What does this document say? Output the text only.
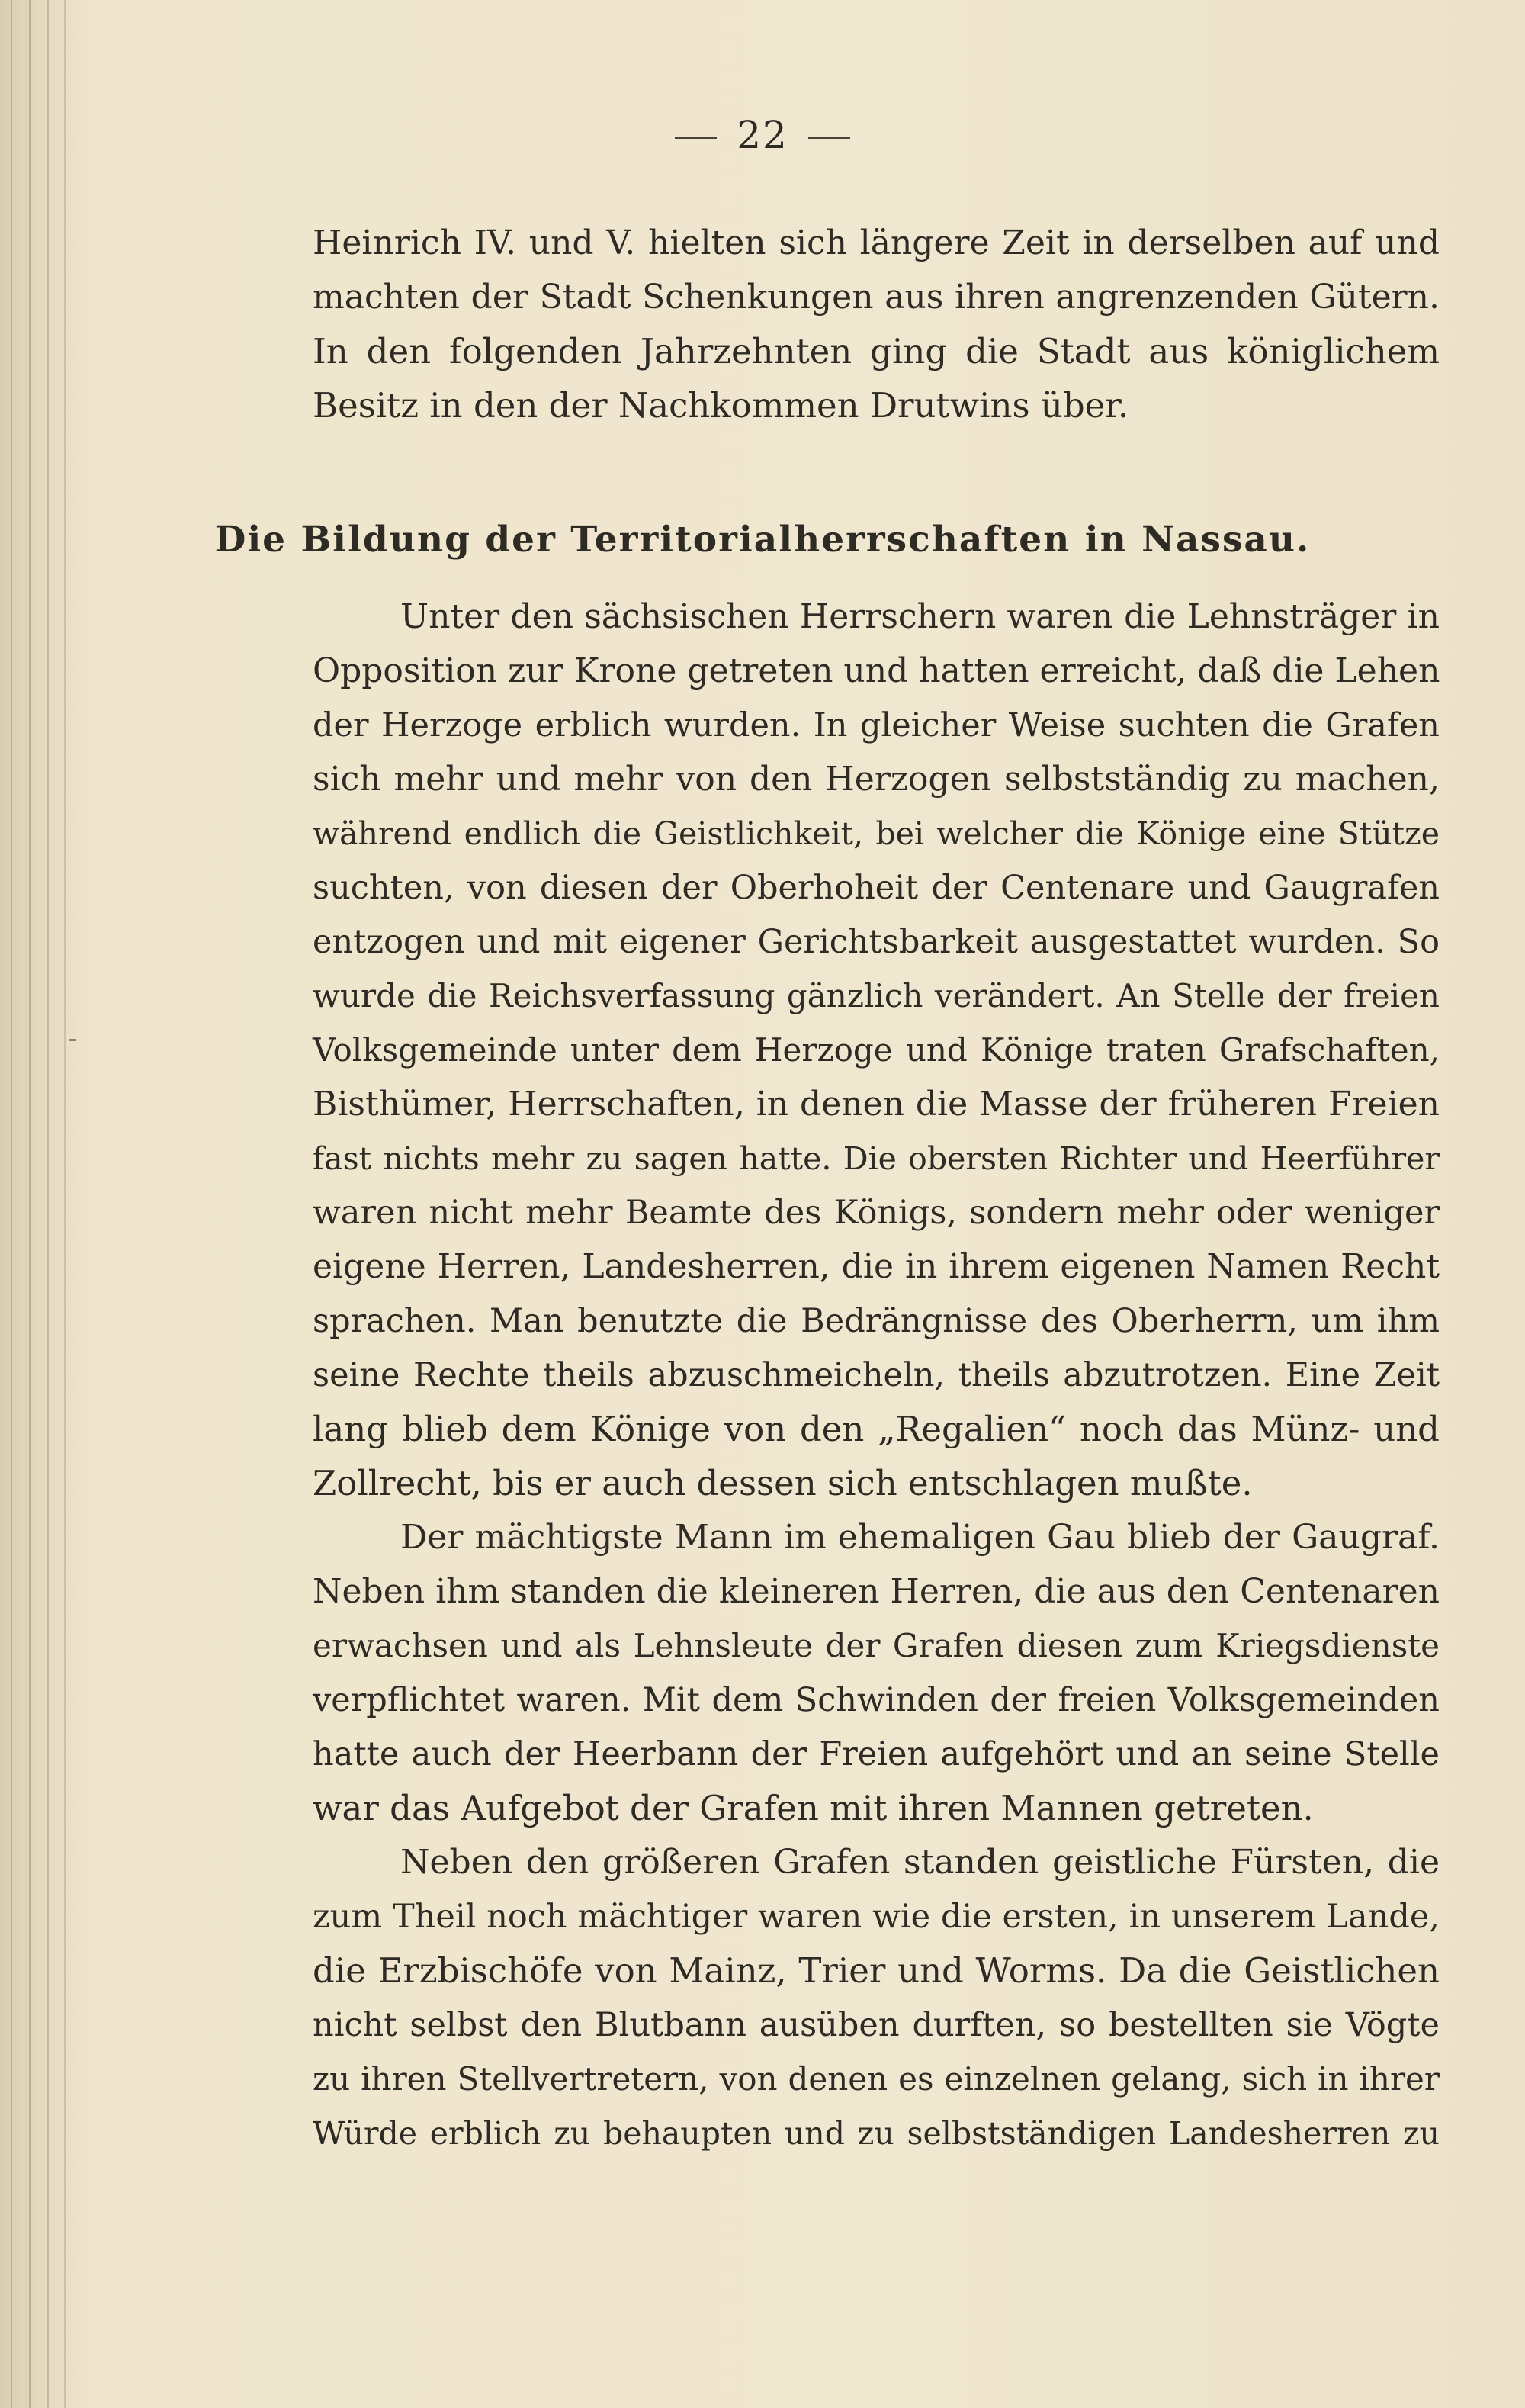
22
Heinrich IV. und V. hielten sich längere Zeit in derselben auf und
machten der Stadt Schenkungen aus ihren angrenzenden Gütern.
In den folgenden Jahrzehnten ging die Stadt aus königlichem
Besitz in den der Nachkommen Drutwins über.
Die Bildung der Territorialherrschaften in Nassau.
Unter den sächsischen Herrschern waren die Lehnsträger in
Opposition zur Krone getreten und hatten erreicht, daß die Lehen
der Herzoge erblich wurden. In gleicher Weise suchten die Grafen
sich mehr und mehr von den Herzogen selbstständig zu machen,
während endlich die Geistlichkeit, bei welcher die Könige eine Stütze
suchten, von diesen der Oberhoheit der Centenare und Gaugrafen
entzogen und mit eigener Gerichtsbarkeit ausgestattet wurden. So
wurde die Reichsverfassung gänzlich verändert. An Stelle der freien
Volksgemeinde unter dem Herzoge und Könige traten Grafschaften,
Bisthümer, Herrschaften, in denen die Masse der früheren Freien
fast nichts mehr zu sagen hatte. Die obersten Richter und Heerführer
waren nicht mehr Beamte des Königs, sondern mehr oder weniger
eigene Herren, Landesherren, die in ihrem eigenen Namen Recht
sprachen. Man benutzte die Bedrängnisse des Oberherrn, um ihm
seine Rechte theils abzuschmeicheln, theils abzutrotzen. Eine Zeit
lang blieb dem Könige von den „Regalien“ noch das Münz- und
Zollrecht, bis er auch dessen sich entschlagen mußte.
Der mächtigste Mann im ehemaligen Gau blieb der Gaugraf.
Neben ihm standen die kleineren Herren, die aus den Centenaren
erwachsen und als Lehnsleute der Grafen diesen zum Kriegsdienste
verpflichtet waren. Mit dem Schwinden der freien Volksgemeinden
hatte auch der Heerbann der Freien aufgehört und an seine Stelle
war das Aufgebot der Grafen mit ihren Mannen getreten.
Neben den größeren Grafen standen geistliche Fürsten, die
zum Theil noch mächtiger waren wie die ersten, in unserem Lande,
die Erzbischöfe von Mainz, Trier und Worms. Da die Geistlichen
nicht selbst den Blutbann ausüben durften, so bestellten sie Vögte
zu ihren Stellvertretern, von denen es einzelnen gelang, sich in ihrer
Würde erblich zu behaupten und zu selbstständigen Landesherren zu
